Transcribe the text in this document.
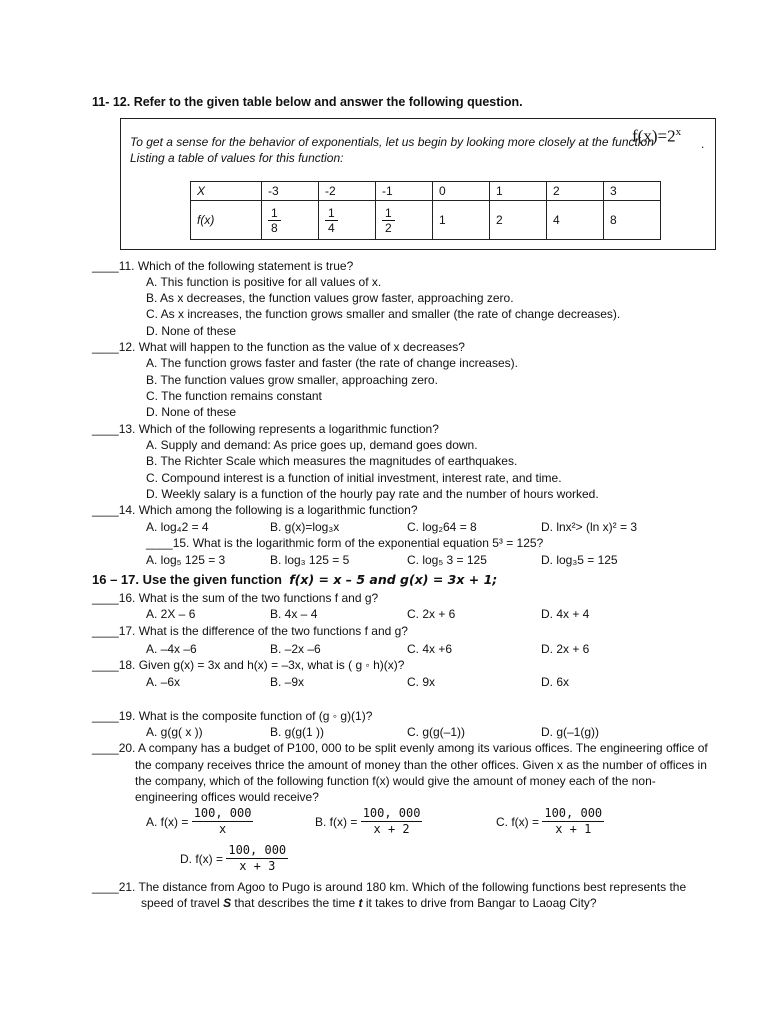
11- 12. Refer to the given table below and answer the following question.
To get a sense for the behavior of exponentials, let us begin by looking more closely at the function
$f(x)=2^x$
.
Listing a table of values for this function:
X	-3	-2	-1	0	1	2	3
f(x)	$\frac{1}{8}$	$\frac{1}{4}$	$\frac{1}{2}$	1	2	4	8
____11. Which of the following statement is true?
A. This function is positive for all values of x.
B. As x decreases, the function values grow faster, approaching zero.
C. As x increases, the function grows smaller and smaller (the rate of change decreases).
D. None of these
____12. What will happen to the function as the value of x decreases?
A. The function grows faster and faster (the rate of change increases).
B. The function values grow smaller, approaching zero.
C. The function remains constant
D. None of these
____13. Which of the following represents a logarithmic function?
A. Supply and demand: As price goes up, demand goes down.
B. The Richter Scale which measures the magnitudes of earthquakes.
C. Compound interest is a function of initial investment, interest rate, and time.
D. Weekly salary is a function of the hourly pay rate and the number of hours worked.
____14. Which among the following is a logarithmic function?
A. log₄2 = 4	B. g(x)=log₃x	C. log₂64 = 8	D. lnx²> (ln x)² = 3
____15. What is the logarithmic form of the exponential equation 5³ = 125?
A. log₅ 125 = 3	B. log₃ 125 = 5	C. log₅ 3 = 125	D. log₃5 = 125
16 – 17. Use the given function f(x) = x – 5 and g(x) = 3x + 1;
____16. What is the sum of the two functions f and g?
A. 2X – 6	B. 4x – 4	C. 2x + 6	D. 4x + 4
____17. What is the difference of the two functions f and g?
A. –4x –6	B. –2x –6	C. 4x +6	D. 2x + 6
____18. Given g(x) = 3x and h(x) = –3x, what is ( g ◦ h)(x)?
A. –6x	B. –9x	C. 9x	D. 6x
____19. What is the composite function of (g ◦ g)(1)?
A. g(g( x ))	B. g(g(1 ))	C. g(g(–1))	D. g(–1(g))
____20. A company has a budget of P100, 000 to be split evenly among its various offices. The engineering office of
the company receives thrice the amount of money than the other offices. Given x as the number of offices in
the company, which of the following function f(x) would give the amount of money each of the non-
engineering offices would receive?
A. f(x) =
$\frac{100, 000}{x}$	B. f(x) =
$\frac{100, 000}{x + 2}$	C. f(x) =
$\frac{100, 000}{x + 1}$
D. f(x) =
$\frac{100, 000}{x + 3}$
____21. The distance from Agoo to Pugo is around 180 km. Which of the following functions best represents the
speed of travel S that describes the time t it takes to drive from Bangar to Laoag City?
